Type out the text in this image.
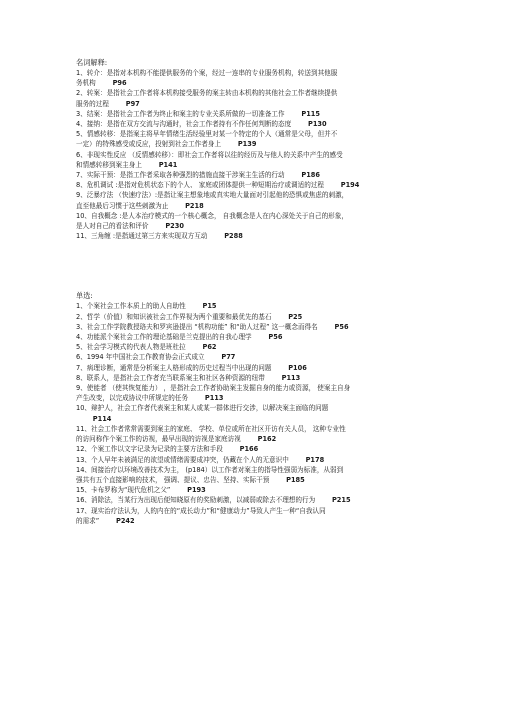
名词解释:
1、转介：是指对本机构不能提供服务的个案，经过一连串的专业服务机构，转送到其他服
务机构	P96
2、转案：是指社会工作者将本机构接受服务的案主转由本机构的其他社会工作者继续提供
服务的过程	P97
3、结案：是指社会工作者为终止和案主的专业关系所做的一切准备工作	P115
4、接纳：是指在双方交流与沟通时，社会工作者持有不作任何判断的态度	P130
5、情感转移：是指案主将早年情绪生活经验里对某一个特定的个人（通常是父母，但并不
一定）的特殊感受或反应，投射到社会工作者身上	P139
6、非现实性反应 （反情感转移）：即社会工作者将以往的经历及与他人的关系中产生的感受
和情感转移到案主身上	P141
7、实际干预：是指工作者采取各种强烈的措施直接干涉案主生活的行动	P186
8、危机调试 :是指对危机状态下的个人、 家庭或团体提供一种短期治疗或调适的过程	P194
9、泛暴疗法 （快速疗法）:是指让案主想象地或真实地大量面对引起他的恐惧或焦虑的刺激，
直至他最后习惯于这些刺激为止	P218
10、自我概念 :是人本治疗模式的一个核心概念， 自我概念是人在内心深处关于自己的形象，
是人对自己的看法和评价	P230
11、三角缠 :是指通过第三方来实现双方互动	P288
单选:
1、个案社会工作本质上的助人自助性	P15
2、哲学（价值）和知识被社会工作界视为两个重要和最优先的基石	P25
3、社会工作学院教授珞夫和罗宾逊提出 “机构功能” 和“助人过程” 这一概念而得名	P56
4、功能派个案社会工作的理论基础是兰克提出的自我心理学	P56
5、社会学习模式的代表人物是班杜拉	P62
6、1994 年中国社会工作教育协会正式成立	P77
7、病理诊断，通常是分析案主人格形成的历史过程当中出现的问题	P106
8、联系人，是指社会工作者充当联系案主和社区各种资源的纽带	P113
9、使能者 （使其恢复能力） ，是指社会工作者协助案主发掘自身的能力或资源， 使案主自身
产生改变，以完成协议中所规定的任务	P113
10、辩护人，社会工作者代表案主和某人或某一群体进行交涉，以解决案主面临的问题
P114
11、社会工作者常常需要到案主的家庭、 学校、单位或所在社区开访有关人员， 这种专业性
的访问称作个案工作的访视，最早出现的访视是家庭访视	P162
12、个案工作以文字记录为记录的主要方法和手段	P166
13、个人早年未被满足的欲望或情绪需要成冲突，仍藏在个人的无意识中	P178
14、间接治疗以环境改善技术为主， (p184）以工作者对案主的指导性强弱为标准，从弱到
强共有五个直接影响的技术， 强调、提议、忠告、坚持、实际干预	P185
15、卡布罗称为“现代危机之父”	P193
16、消除法，当某行为出现后便知晓原有的奖励刺激，以减弱或除去不理想的行为	P215
17、现实治疗法认为，人的内在的“成长动力”和“健康动力”导致人产生一种“自我认同
的需求”	P242
